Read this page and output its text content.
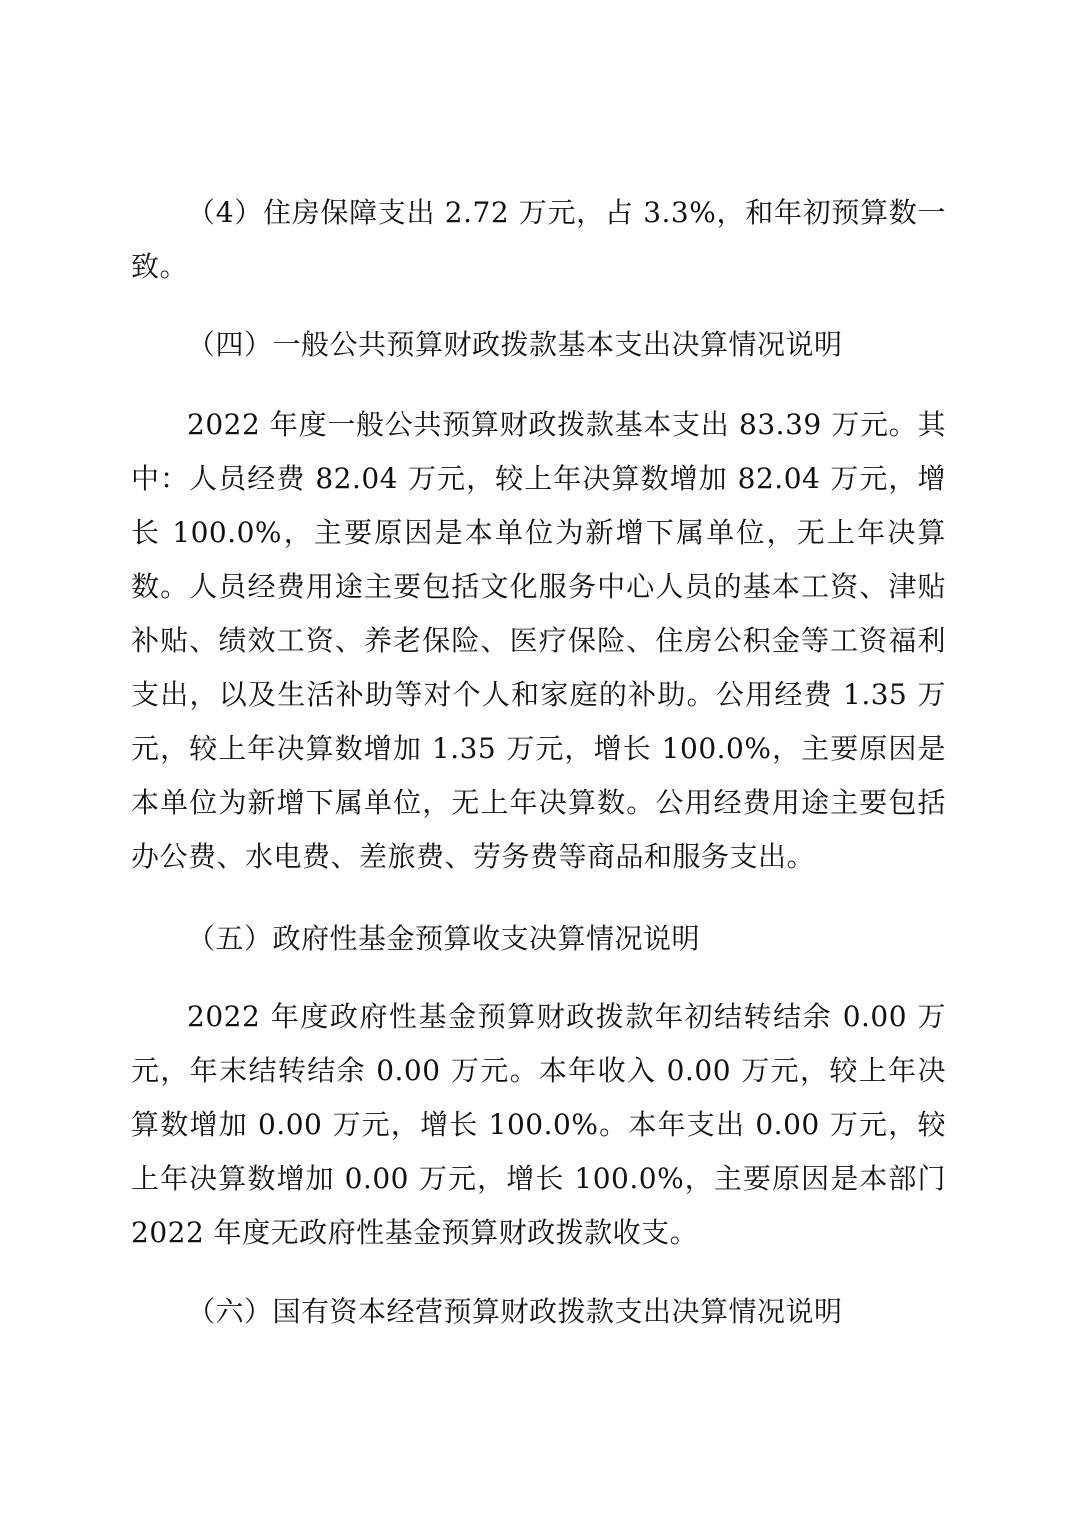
（4）住房保障支出 2.72 万元，占 3.3%，和年初预算数一致。

（四）一般公共预算财政拨款基本支出决算情况说明

2022 年度一般公共预算财政拨款基本支出 83.39 万元。其中：人员经费 82.04 万元，较上年决算数增加 82.04 万元，增长 100.0%，主要原因是本单位为新增下属单位，无上年决算数。人员经费用途主要包括文化服务中心人员的基本工资、津贴补贴、绩效工资、养老保险、医疗保险、住房公积金等工资福利支出，以及生活补助等对个人和家庭的补助。公用经费 1.35 万元，较上年决算数增加 1.35 万元，增长 100.0%，主要原因是本单位为新增下属单位，无上年决算数。公用经费用途主要包括办公费、水电费、差旅费、劳务费等商品和服务支出。

（五）政府性基金预算收支决算情况说明

2022 年度政府性基金预算财政拨款年初结转结余 0.00 万元，年末结转结余 0.00 万元。本年收入 0.00 万元，较上年决算数增加 0.00 万元，增长 100.0%。本年支出 0.00 万元，较上年决算数增加 0.00 万元，增长 100.0%，主要原因是本部门 2022 年度无政府性基金预算财政拨款收支。

（六）国有资本经营预算财政拨款支出决算情况说明
